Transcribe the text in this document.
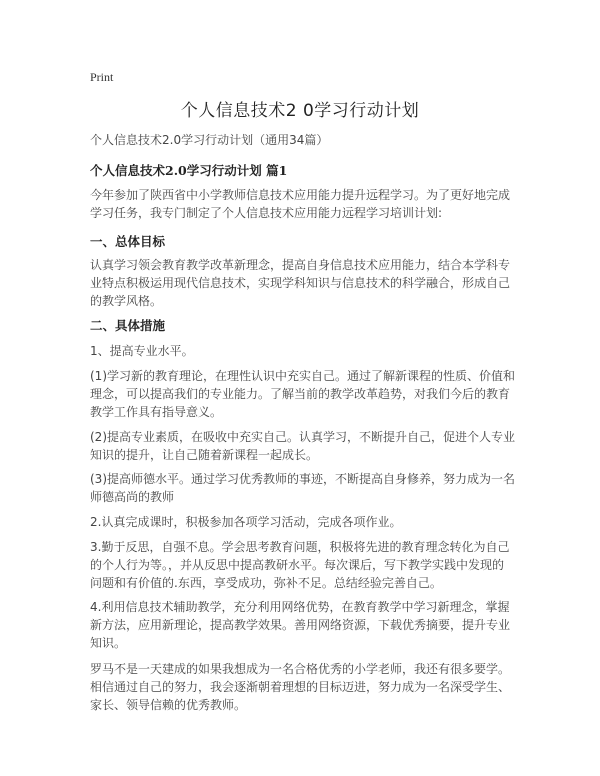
Print
个人信息技术2 0学习行动计划
个人信息技术2.0学习行动计划（通用34篇）
个人信息技术2.0学习行动计划 篇1

今年参加了陕西省中小学教师信息技术应用能力提升远程学习。为了更好地完成学习任务，我专门制定了个人信息技术应用能力远程学习培训计划:

一、总体目标

认真学习领会教育教学改革新理念，提高自身信息技术应用能力，结合本学科专业特点积极运用现代信息技术，实现学科知识与信息技术的科学融合，形成自己的教学风格。

二、具体措施

1、提高专业水平。

(1)学习新的教育理论，在理性认识中充实自己。通过了解新课程的性质、价值和理念，可以提高我们的专业能力。了解当前的教学改革趋势，对我们今后的教育教学工作具有指导意义。

(2)提高专业素质，在吸收中充实自己。认真学习，不断提升自己，促进个人专业知识的提升，让自己随着新课程一起成长。

(3)提高师德水平。通过学习优秀教师的事迹，不断提高自身修养，努力成为一名师德高尚的教师

2.认真完成课时，积极参加各项学习活动，完成各项作业。

3.勤于反思，自强不息。学会思考教育问题，积极将先进的教育理念转化为自己的个人行为等。，并从反思中提高教研水平。每次课后，写下教学实践中发现的问题和有价值的.东西，享受成功，弥补不足。总结经验完善自己。

4.利用信息技术辅助教学，充分利用网络优势，在教育教学中学习新理念，掌握新方法，应用新理论，提高教学效果。善用网络资源，下载优秀摘要，提升专业知识。

罗马不是一天建成的如果我想成为一名合格优秀的小学老师，我还有很多要学。相信通过自己的努力，我会逐渐朝着理想的目标迈进，努力成为一名深受学生、家长、领导信赖的优秀教师。
